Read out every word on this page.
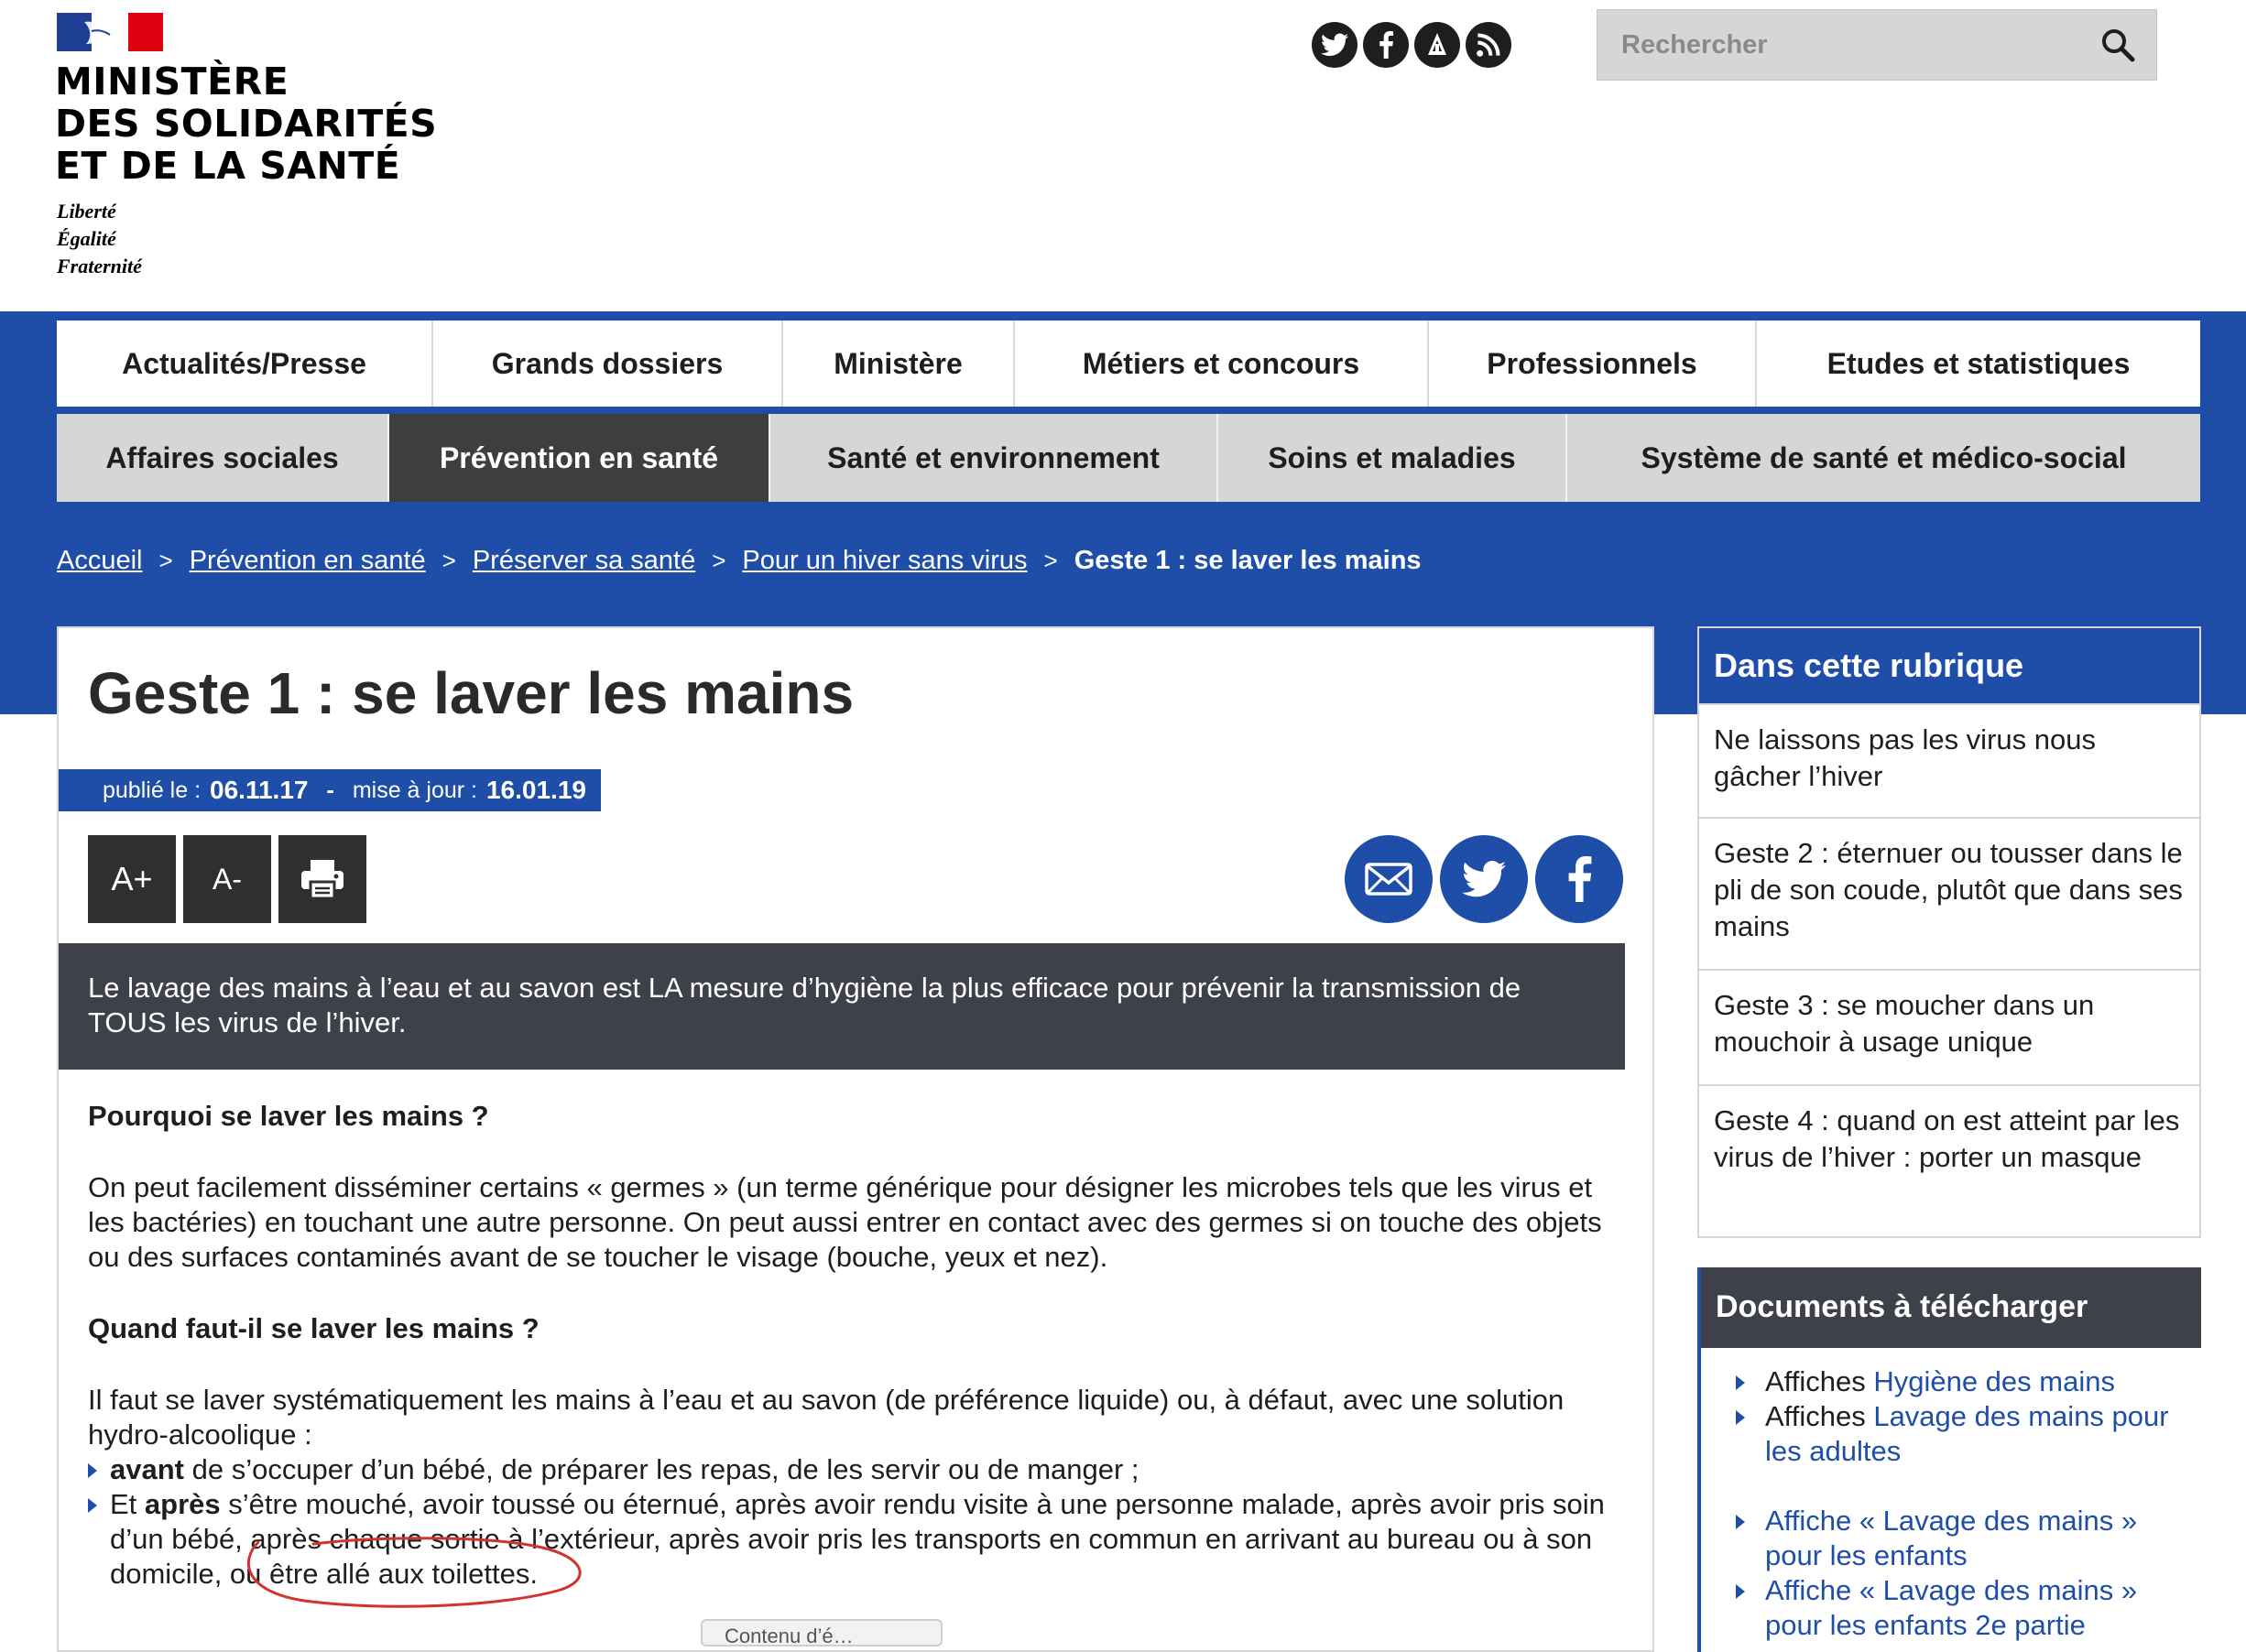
MINISTÈRE
DES SOLIDARITÉS
ET DE LA SANTÉ
Liberté
Égalité
Fraternité
Rechercher
Actualités/Presse	Grands dossiers	Ministère	Métiers et concours	Professionnels	Etudes et statistiques
Affaires sociales	Prévention en santé	Santé et environnement	Soins et maladies	Système de santé et médico-social
Accueil > Prévention en santé > Préserver sa santé > Pour un hiver sans virus > Geste 1 : se laver les mains
Geste 1 : se laver les mains
publié le : 06.11.17 - mise à jour : 16.01.19
A+	A-
Le lavage des mains à l’eau et au savon est LA mesure d’hygiène la plus efficace pour prévenir la transmission de TOUS les virus de l’hiver.
Pourquoi se laver les mains ?

On peut facilement disséminer certains « germes » (un terme générique pour désigner les microbes tels que les virus et les bactéries) en touchant une autre personne. On peut aussi entrer en contact avec des germes si on touche des objets ou des surfaces contaminés avant de se toucher le visage (bouche, yeux et nez).

Quand faut-il se laver les mains ?

Il faut se laver systématiquement les mains à l’eau et au savon (de préférence liquide) ou, à défaut, avec une solution hydro-alcoolique :

avant de s’occuper d’un bébé, de préparer les repas, de les servir ou de manger ;
Et après s’être mouché, avoir toussé ou éternué, après avoir rendu visite à une personne malade, après avoir pris soin d’un bébé, après chaque sortie à l’extérieur, après avoir pris les transports en commun en arrivant au bureau ou à son domicile, ou être allé aux toilettes.
Contenu d’é…
Dans cette rubrique
Ne laissons pas les virus nous gâcher l’hiver
Geste 2 : éternuer ou tousser dans le pli de son coude, plutôt que dans ses mains
Geste 3 : se moucher dans un mouchoir à usage unique
Geste 4 : quand on est atteint par les virus de l’hiver : porter un masque
Documents à télécharger
Affiches Hygiène des mains
Affiches Lavage des mains pour les adultes
Affiche « Lavage des mains » pour les enfants
Affiche « Lavage des mains » pour les enfants 2e partie
